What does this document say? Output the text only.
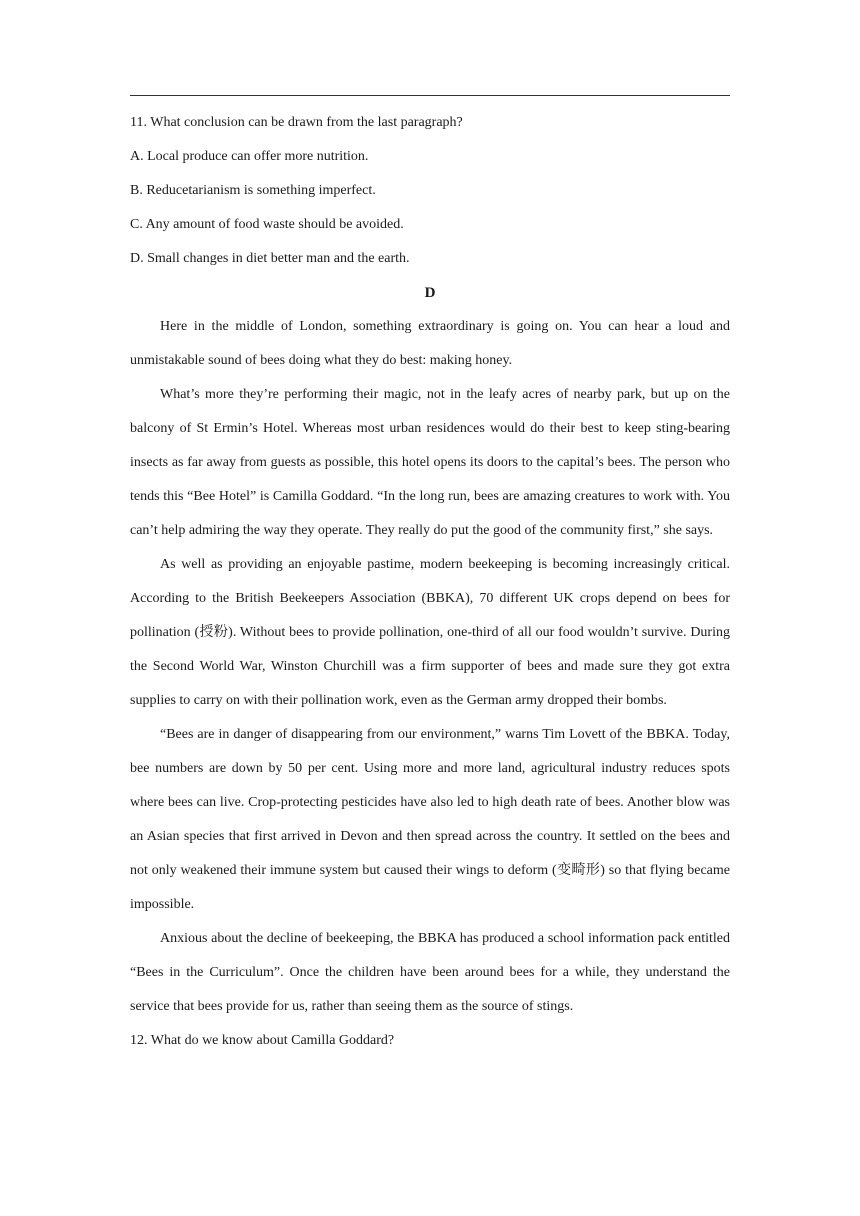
11. What conclusion can be drawn from the last paragraph?

A. Local produce can offer more nutrition.

B. Reducetarianism is something imperfect.

C. Any amount of food waste should be avoided.

D. Small changes in diet better man and the earth.

D

Here in the middle of London, something extraordinary is going on. You can hear a loud and unmistakable sound of bees doing what they do best: making honey.

What’s more they’re performing their magic, not in the leafy acres of nearby park, but up on the balcony of St Ermin’s Hotel. Whereas most urban residences would do their best to keep sting-bearing insects as far away from guests as possible, this hotel opens its doors to the capital’s bees. The person who tends this “Bee Hotel” is Camilla Goddard. “In the long run, bees are amazing creatures to work with. You can’t help admiring the way they operate. They really do put the good of the community first,” she says.

As well as providing an enjoyable pastime, modern beekeeping is becoming increasingly critical. According to the British Beekeepers Association (BBKA), 70 different UK crops depend on bees for pollination (授粉). Without bees to provide pollination, one-third of all our food wouldn’t survive. During the Second World War, Winston Churchill was a firm supporter of bees and made sure they got extra supplies to carry on with their pollination work, even as the German army dropped their bombs.

“Bees are in danger of disappearing from our environment,” warns Tim Lovett of the BBKA. Today, bee numbers are down by 50 per cent. Using more and more land, agricultural industry reduces spots where bees can live. Crop-protecting pesticides have also led to high death rate of bees. Another blow was an Asian species that first arrived in Devon and then spread across the country. It settled on the bees and not only weakened their immune system but caused their wings to deform (变畸形) so that flying became impossible.

Anxious about the decline of beekeeping, the BBKA has produced a school information pack entitled “Bees in the Curriculum”. Once the children have been around bees for a while, they understand the service that bees provide for us, rather than seeing them as the source of stings.

12. What do we know about Camilla Goddard?
